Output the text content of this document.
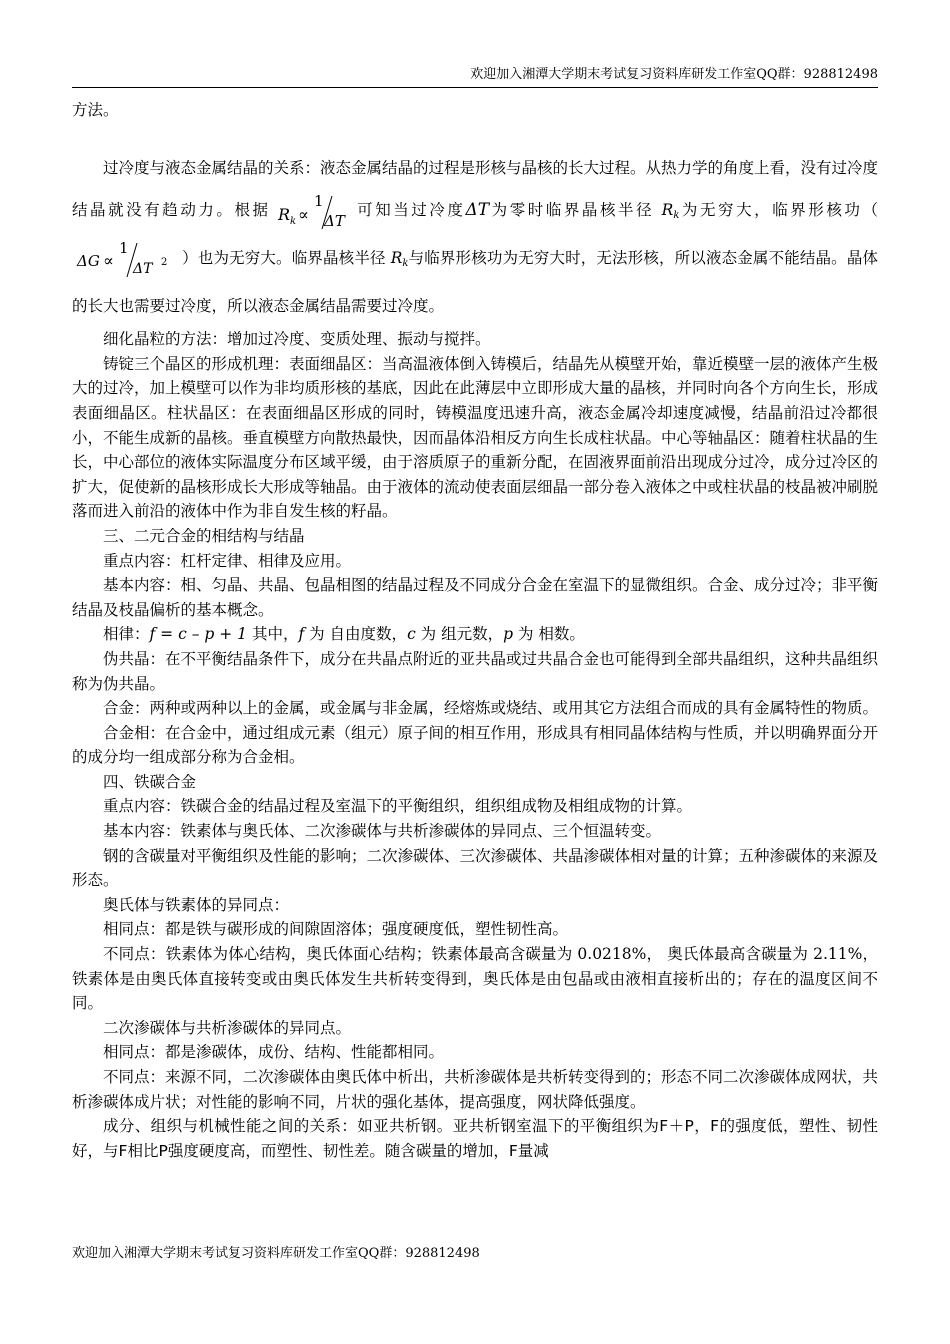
欢迎加入湘潭大学期末考试复习资料库研发工作室QQ群：928812498

方法。

过冷度与液态金属结晶的关系：液态金属结晶的过程是形核与晶核的长大过程。从热力学的角度上看，没有过冷度结晶就没有趋动力。根据 R k ∝
1
ΔT
可知当过冷度ΔT为零时临界晶核半径 $R_k$为无穷大，临界形核功（
ΔG ∝
1
ΔT 2 ）也为无穷大。临界晶核半径 $R_k$与临界形核功为无穷大时，无法形核，所以液态金属不能结晶。晶体的长大也需要过冷度，所以液态金属结晶需要过冷度。

细化晶粒的方法：增加过冷度、变质处理、振动与搅拌。

铸锭三个晶区的形成机理：表面细晶区：当高温液体倒入铸模后，结晶先从模壁开始，靠近模壁一层的液体产生极大的过冷，加上模壁可以作为非均质形核的基底，因此在此薄层中立即形成大量的晶核，并同时向各个方向生长，形成表面细晶区。柱状晶区：在表面细晶区形成的同时，铸模温度迅速升高，液态金属冷却速度减慢，结晶前沿过冷都很小，不能生成新的晶核。垂直模壁方向散热最快，因而晶体沿相反方向生长成柱状晶。中心等轴晶区：随着柱状晶的生长，中心部位的液体实际温度分布区域平缓，由于溶质原子的重新分配，在固液界面前沿出现成分过冷，成分过冷区的扩大，促使新的晶核形成长大形成等轴晶。由于液体的流动使表面层细晶一部分卷入液体之中或柱状晶的枝晶被冲刷脱落而进入前沿的液体中作为非自发生核的籽晶。

三、二元合金的相结构与结晶

重点内容：杠杆定律、相律及应用。

基本内容：相、匀晶、共晶、包晶相图的结晶过程及不同成分合金在室温下的显微组织。合金、成分过冷；非平衡结晶及枝晶偏析的基本概念。

相律：f = c – p + 1 其中，f 为 自由度数，c 为 组元数，p 为 相数。

伪共晶：在不平衡结晶条件下，成分在共晶点附近的亚共晶或过共晶合金也可能得到全部共晶组织，这种共晶组织称为伪共晶。

合金：两种或两种以上的金属，或金属与非金属，经熔炼或烧结、或用其它方法组合而成的具有金属特性的物质。

合金相：在合金中，通过组成元素（组元）原子间的相互作用，形成具有相同晶体结构与性质，并以明确界面分开的成分均一组成部分称为合金相。

四、铁碳合金

重点内容：铁碳合金的结晶过程及室温下的平衡组织，组织组成物及相组成物的计算。

基本内容：铁素体与奥氏体、二次渗碳体与共析渗碳体的异同点、三个恒温转变。

钢的含碳量对平衡组织及性能的影响；二次渗碳体、三次渗碳体、共晶渗碳体相对量的计算；五种渗碳体的来源及形态。

奥氏体与铁素体的异同点：

相同点：都是铁与碳形成的间隙固溶体；强度硬度低，塑性韧性高。

不同点：铁素体为体心结构，奥氏体面心结构；铁素体最高含碳量为 0.0218%， 奥氏体最高含碳量为 2.11%，铁素体是由奥氏体直接转变或由奥氏体发生共析转变得到，奥氏体是由包晶或由液相直接析出的；存在的温度区间不同。

二次渗碳体与共析渗碳体的异同点。

相同点：都是渗碳体，成份、结构、性能都相同。

不同点：来源不同，二次渗碳体由奥氏体中析出，共析渗碳体是共析转变得到的；形态不同二次渗碳体成网状，共析渗碳体成片状；对性能的影响不同，片状的强化基体，提高强度，网状降低强度。

成分、组织与机械性能之间的关系：如亚共析钢。亚共析钢室温下的平衡组织为F＋P，F的强度低，塑性、韧性好，与F相比P强度硬度高，而塑性、韧性差。随含碳量的增加，F量减

欢迎加入湘潭大学期末考试复习资料库研发工作室QQ群：928812498
